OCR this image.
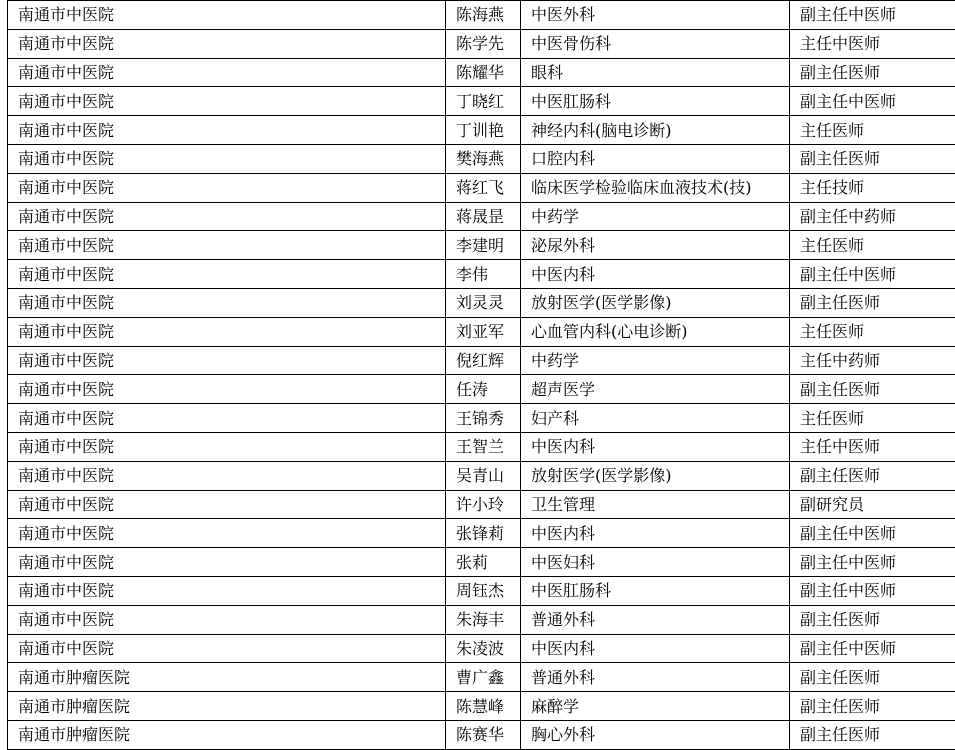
南通市中医院	陈海燕	中医外科	副主任中医师
南通市中医院	陈学先	中医骨伤科	主任中医师
南通市中医院	陈耀华	眼科	副主任医师
南通市中医院	丁晓红	中医肛肠科	副主任中医师
南通市中医院	丁训艳	神经内科(脑电诊断)	主任医师
南通市中医院	樊海燕	口腔内科	副主任医师
南通市中医院	蒋红飞	临床医学检验临床血液技术(技)	主任技师
南通市中医院	蒋晟昰	中药学	副主任中药师
南通市中医院	李建明	泌尿外科	主任医师
南通市中医院	李伟	中医内科	副主任中医师
南通市中医院	刘灵灵	放射医学(医学影像)	副主任医师
南通市中医院	刘亚军	心血管内科(心电诊断)	主任医师
南通市中医院	倪红辉	中药学	主任中药师
南通市中医院	任涛	超声医学	副主任医师
南通市中医院	王锦秀	妇产科	主任医师
南通市中医院	王智兰	中医内科	主任中医师
南通市中医院	吴青山	放射医学(医学影像)	副主任医师
南通市中医院	许小玲	卫生管理	副研究员
南通市中医院	张锋莉	中医内科	副主任中医师
南通市中医院	张莉	中医妇科	副主任中医师
南通市中医院	周钰杰	中医肛肠科	副主任中医师
南通市中医院	朱海丰	普通外科	副主任医师
南通市中医院	朱凌波	中医内科	副主任中医师
南通市肿瘤医院	曹广鑫	普通外科	副主任医师
南通市肿瘤医院	陈慧峰	麻醉学	副主任医师
南通市肿瘤医院	陈赛华	胸心外科	副主任医师
